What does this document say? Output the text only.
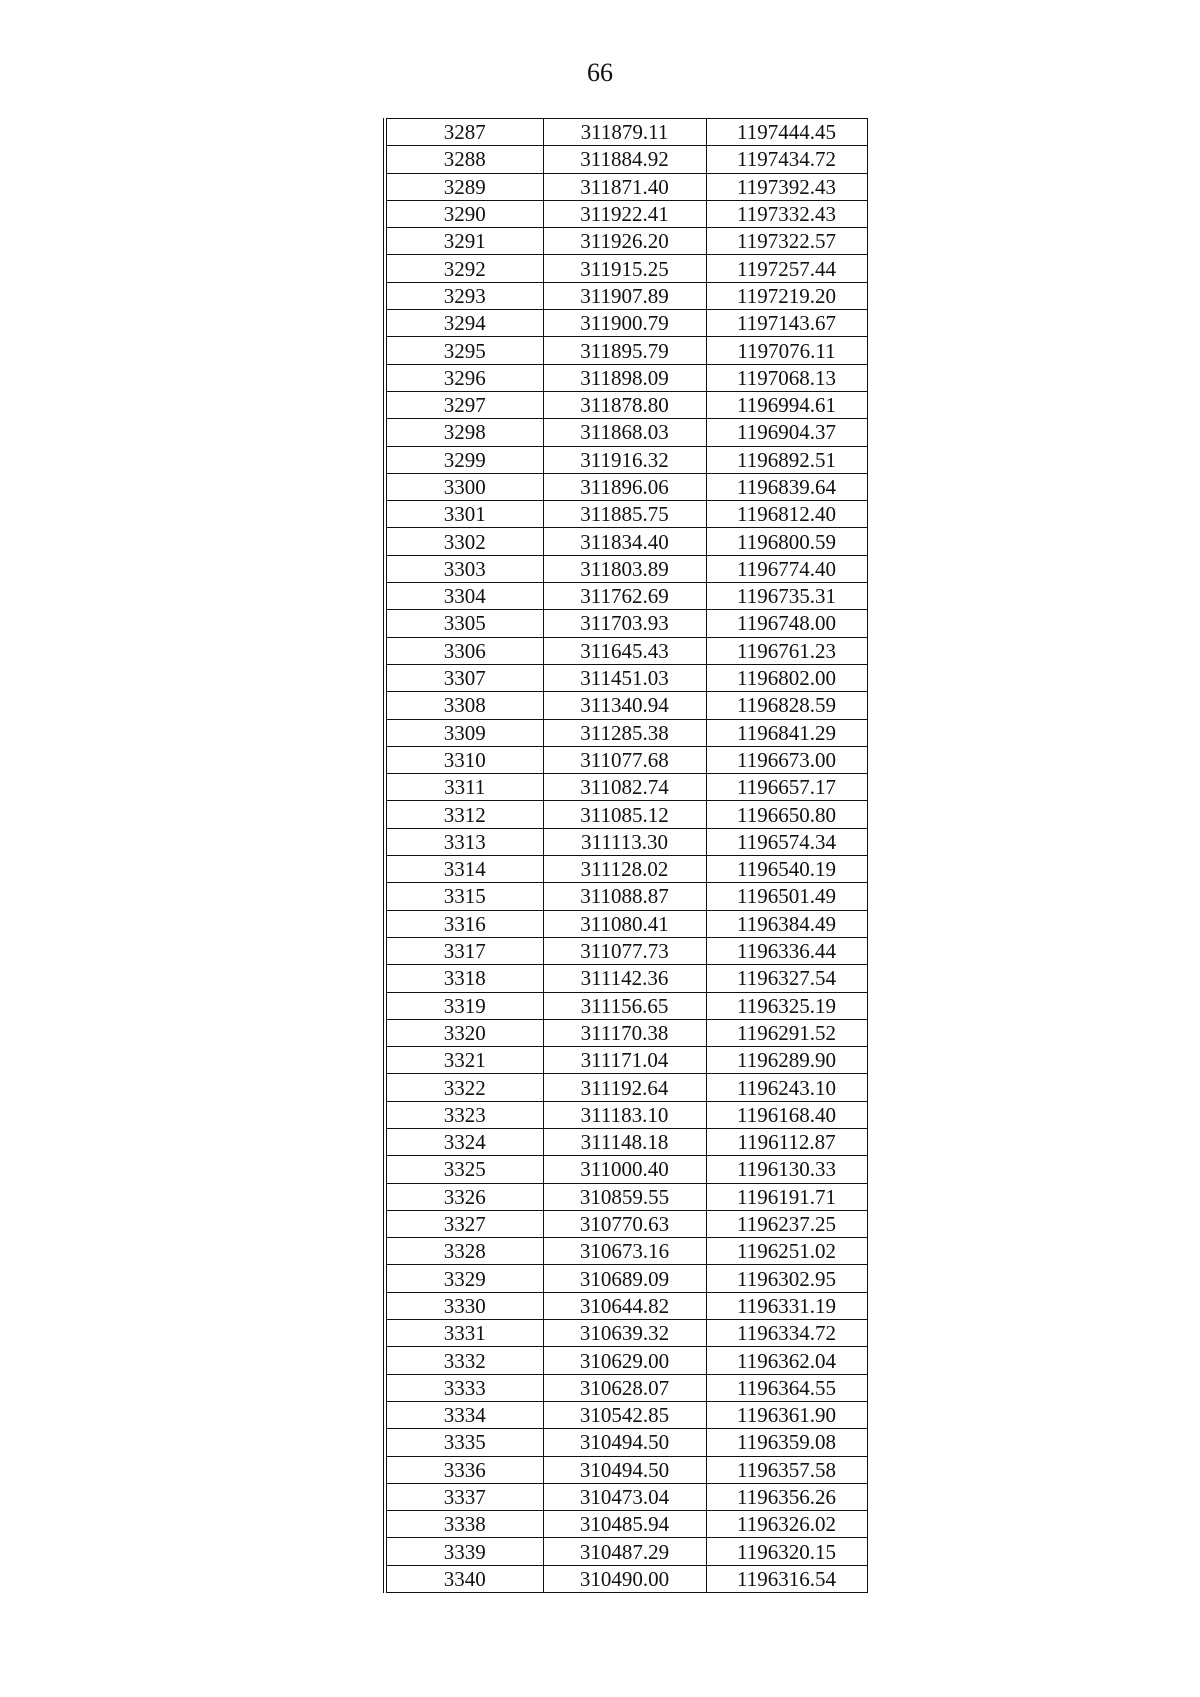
66
3287	311879.11	1197444.45
3288	311884.92	1197434.72
3289	311871.40	1197392.43
3290	311922.41	1197332.43
3291	311926.20	1197322.57
3292	311915.25	1197257.44
3293	311907.89	1197219.20
3294	311900.79	1197143.67
3295	311895.79	1197076.11
3296	311898.09	1197068.13
3297	311878.80	1196994.61
3298	311868.03	1196904.37
3299	311916.32	1196892.51
3300	311896.06	1196839.64
3301	311885.75	1196812.40
3302	311834.40	1196800.59
3303	311803.89	1196774.40
3304	311762.69	1196735.31
3305	311703.93	1196748.00
3306	311645.43	1196761.23
3307	311451.03	1196802.00
3308	311340.94	1196828.59
3309	311285.38	1196841.29
3310	311077.68	1196673.00
3311	311082.74	1196657.17
3312	311085.12	1196650.80
3313	311113.30	1196574.34
3314	311128.02	1196540.19
3315	311088.87	1196501.49
3316	311080.41	1196384.49
3317	311077.73	1196336.44
3318	311142.36	1196327.54
3319	311156.65	1196325.19
3320	311170.38	1196291.52
3321	311171.04	1196289.90
3322	311192.64	1196243.10
3323	311183.10	1196168.40
3324	311148.18	1196112.87
3325	311000.40	1196130.33
3326	310859.55	1196191.71
3327	310770.63	1196237.25
3328	310673.16	1196251.02
3329	310689.09	1196302.95
3330	310644.82	1196331.19
3331	310639.32	1196334.72
3332	310629.00	1196362.04
3333	310628.07	1196364.55
3334	310542.85	1196361.90
3335	310494.50	1196359.08
3336	310494.50	1196357.58
3337	310473.04	1196356.26
3338	310485.94	1196326.02
3339	310487.29	1196320.15
3340	310490.00	1196316.54
